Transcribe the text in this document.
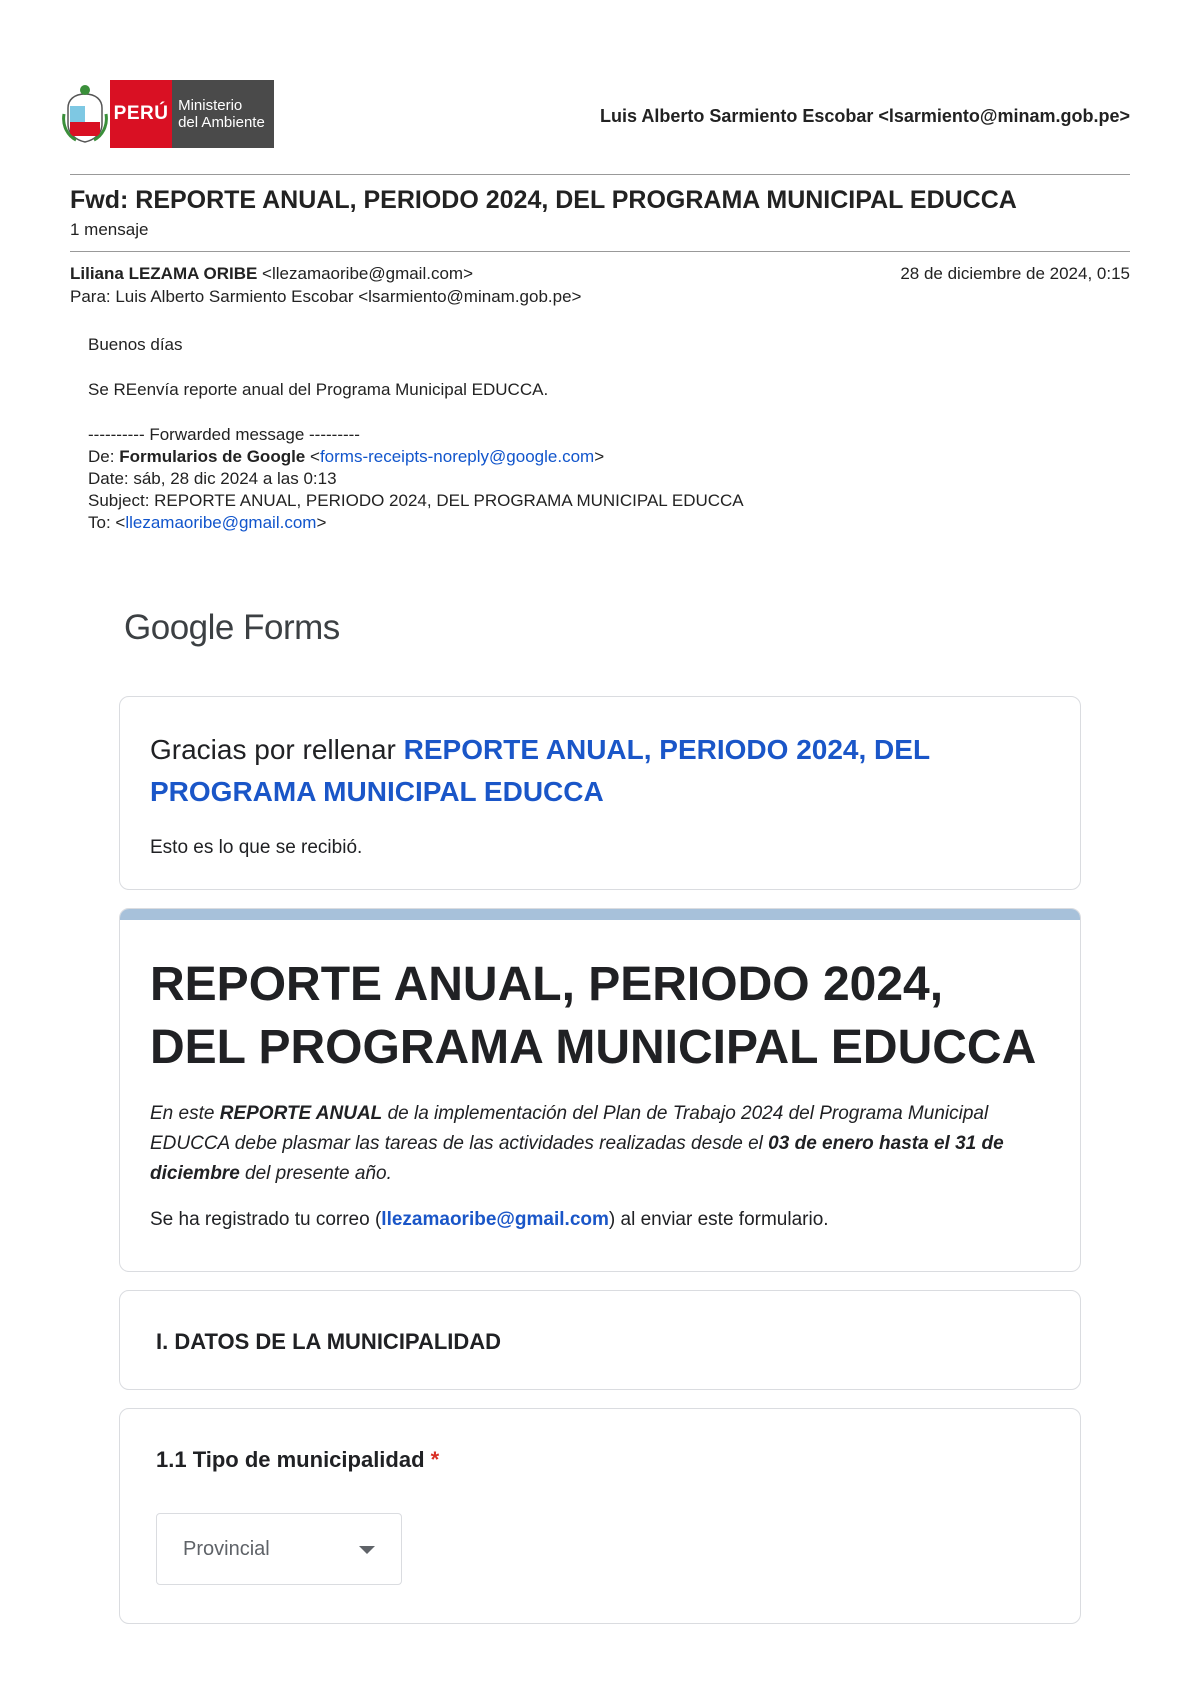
PERÚ Ministerio
del Ambiente	Luis Alberto Sarmiento Escobar <lsarmiento@minam.gob.pe>
Fwd: REPORTE ANUAL, PERIODO 2024, DEL PROGRAMA MUNICIPAL EDUCCA
1 mensaje
Liliana LEZAMA ORIBE <llezamaoribe@gmail.com>	28 de diciembre de 2024, 0:15
Para: Luis Alberto Sarmiento Escobar <lsarmiento@minam.gob.pe>
Buenos días
Se REenvía reporte anual del Programa Municipal EDUCCA.
---------- Forwarded message ---------
De: Formularios de Google <forms-receipts-noreply@google.com>
Date: sáb, 28 dic 2024 a las 0:13
Subject: REPORTE ANUAL, PERIODO 2024, DEL PROGRAMA MUNICIPAL EDUCCA
To: <llezamaoribe@gmail.com>
Google Forms
Gracias por rellenar REPORTE ANUAL, PERIODO 2024, DEL PROGRAMA MUNICIPAL EDUCCA
Esto es lo que se recibió.
REPORTE ANUAL, PERIODO 2024, DEL PROGRAMA MUNICIPAL EDUCCA
En este REPORTE ANUAL de la implementación del Plan de Trabajo 2024 del Programa Municipal EDUCCA debe plasmar las tareas de las actividades realizadas desde el 03 de enero hasta el 31 de diciembre del presente año.
Se ha registrado tu correo (llezamaoribe@gmail.com) al enviar este formulario.
I. DATOS DE LA MUNICIPALIDAD
1.1 Tipo de municipalidad *
Provincial
